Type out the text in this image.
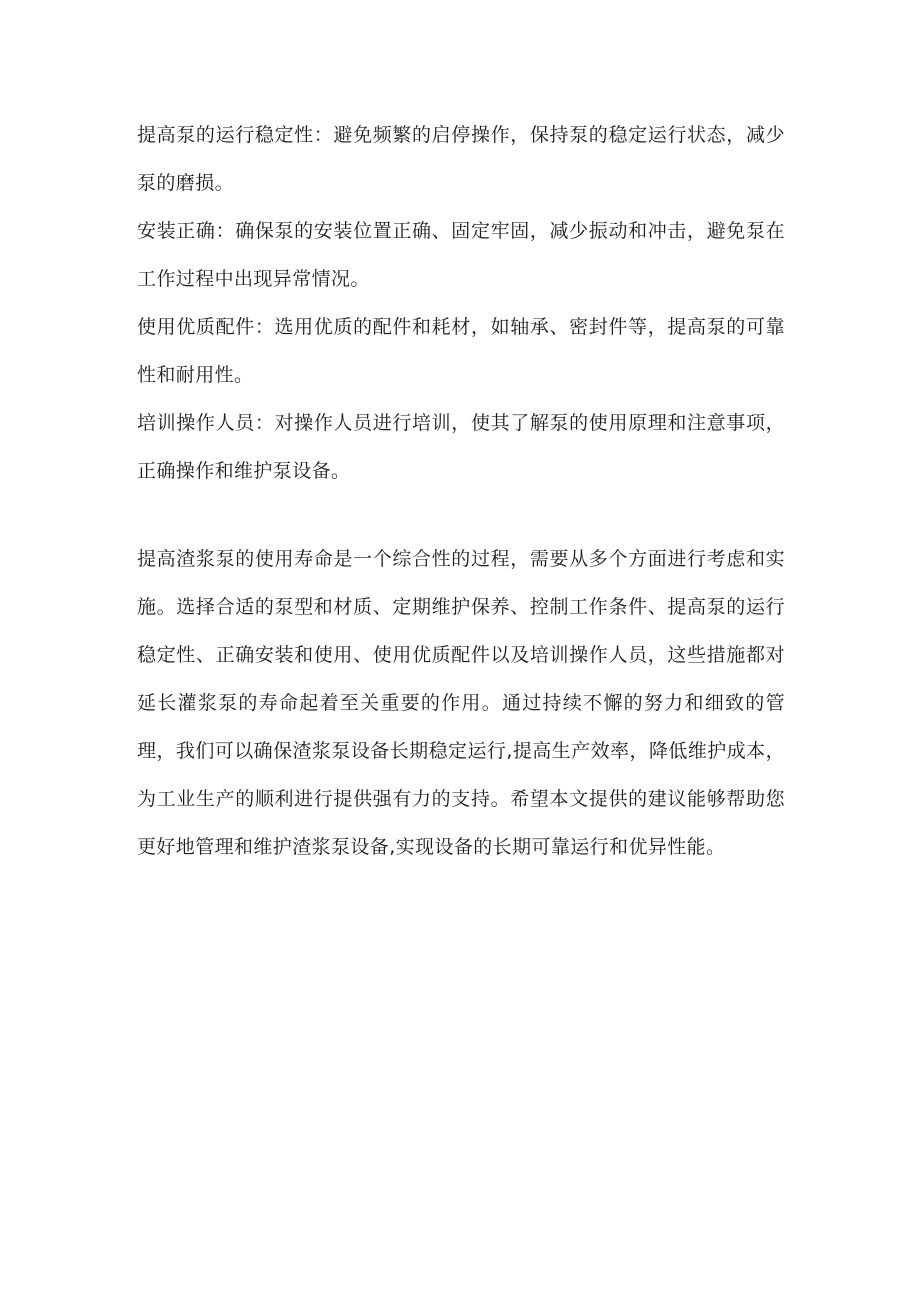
提高泵的运行稳定性：避免频繁的启停操作，保持泵的稳定运行状态，减少泵的磨损。

安装正确：确保泵的安装位置正确、固定牢固，减少振动和冲击，避免泵在工作过程中出现异常情况。

使用优质配件：选用优质的配件和耗材，如轴承、密封件等，提高泵的可靠性和耐用性。

培训操作人员：对操作人员进行培训，使其了解泵的使用原理和注意事项，正确操作和维护泵设备。

提高渣浆泵的使用寿命是一个综合性的过程，需要从多个方面进行考虑和实施。选择合适的泵型和材质、定期维护保养、控制工作条件、提高泵的运行稳定性、正确安装和使用、使用优质配件以及培训操作人员，这些措施都对延长灌浆泵的寿命起着至关重要的作用。通过持续不懈的努力和细致的管理，我们可以确保渣浆泵设备长期稳定运行,提高生产效率，降低维护成本，为工业生产的顺利进行提供强有力的支持。希望本文提供的建议能够帮助您更好地管理和维护渣浆泵设备,实现设备的长期可靠运行和优异性能。
